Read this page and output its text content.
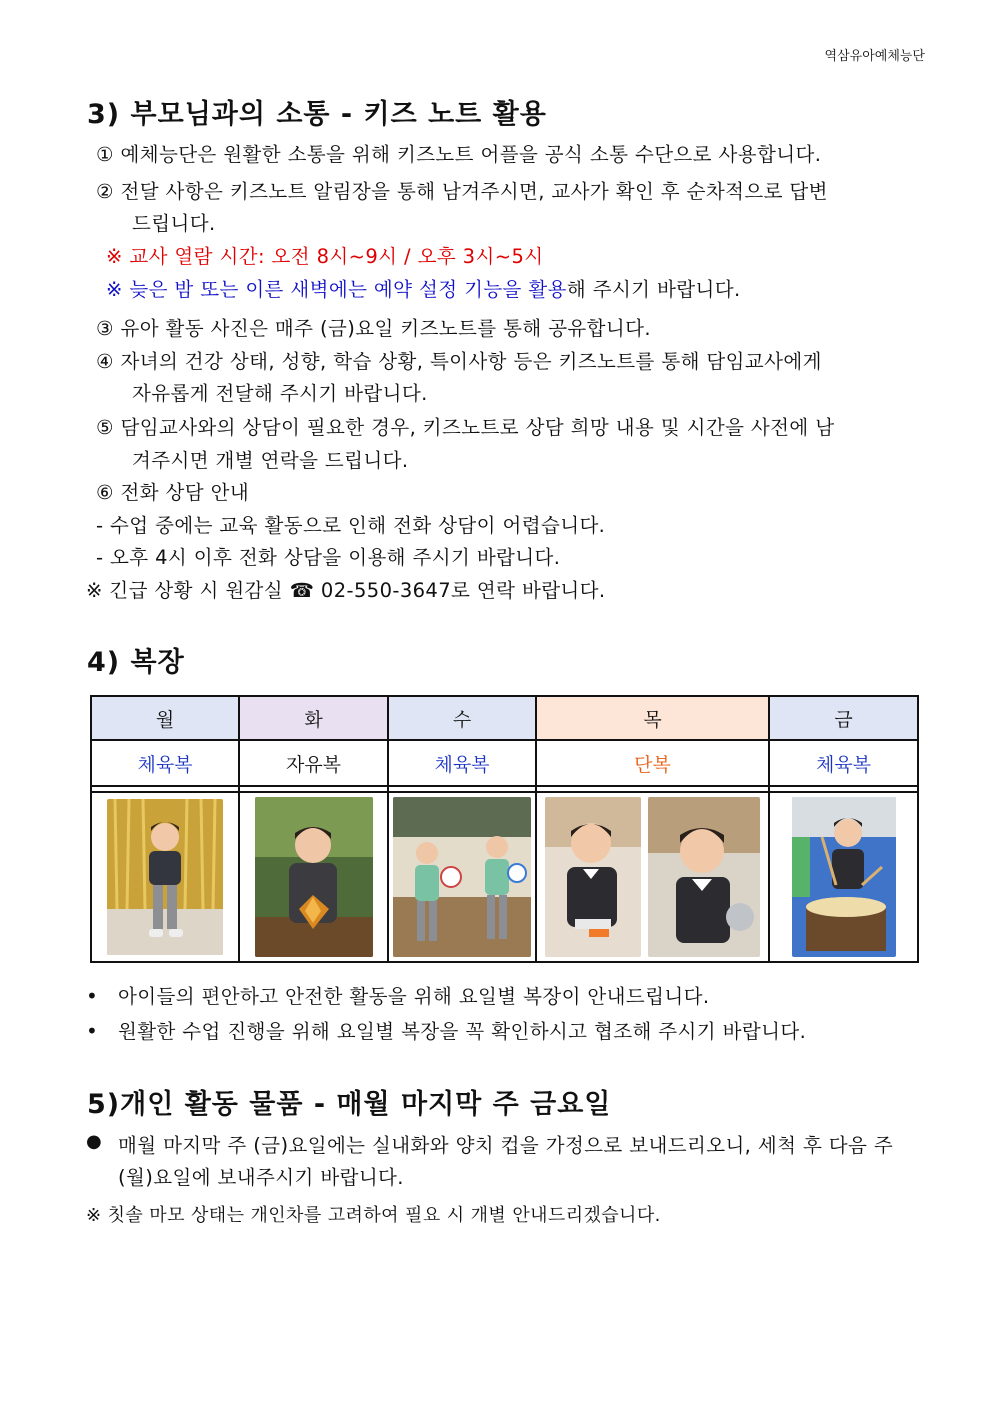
역삼유아예체능단
3) 부모님과의 소통 - 키즈 노트 활용
① 예체능단은 원활한 소통을 위해 키즈노트 어플을 공식 소통 수단으로 사용합니다.
② 전달 사항은 키즈노트 알림장을 통해 남겨주시면, 교사가 확인 후 순차적으로 답변
드립니다.
※ 교사 열람 시간: 오전 8시~9시 / 오후 3시~5시
※ 늦은 밤 또는 이른 새벽에는 예약 설정 기능을 활용해 주시기 바랍니다.
③ 유아 활동 사진은 매주 (금)요일 키즈노트를 통해 공유합니다.
④ 자녀의 건강 상태, 성향, 학습 상황, 특이사항 등은 키즈노트를 통해 담임교사에게
자유롭게 전달해 주시기 바랍니다.
⑤ 담임교사와의 상담이 필요한 경우, 키즈노트로 상담 희망 내용 및 시간을 사전에 남
겨주시면 개별 연락을 드립니다.
⑥ 전화 상담 안내
- 수업 중에는 교육 활동으로 인해 전화 상담이 어렵습니다.
- 오후 4시 이후 전화 상담을 이용해 주시기 바랍니다.
※ 긴급 상황 시 원감실 ☎ 02-550-3647로 연락 바랍니다.
4) 복장
월	화	수	목	금
체육복	자유복	체육복	단복	체육복

• 아이들의 편안하고 안전한 활동을 위해 요일별 복장이 안내드립니다.
• 원활한 수업 진행을 위해 요일별 복장을 꼭 확인하시고 협조해 주시기 바랍니다.
5)개인 활동 물품 - 매월 마지막 주 금요일
● 매월 마지막 주 (금)요일에는 실내화와 양치 컵을 가정으로 보내드리오니, 세척 후 다음 주
(월)요일에 보내주시기 바랍니다.
※ 칫솔 마모 상태는 개인차를 고려하여 필요 시 개별 안내드리겠습니다.
